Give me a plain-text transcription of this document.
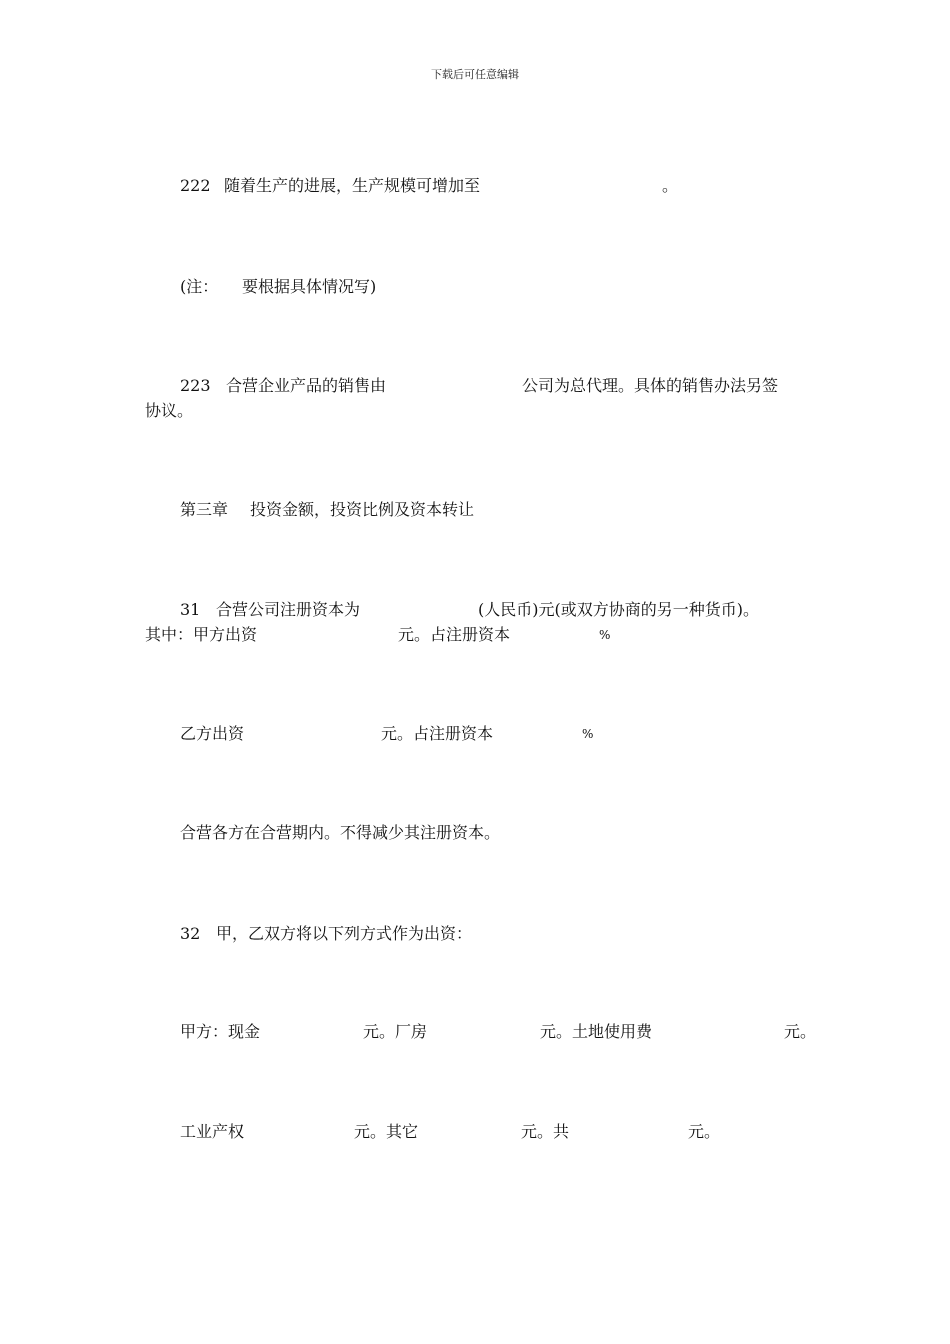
下载后可任意编辑
222 随着生产的进展，生产规模可增加至	。
(注： 要根据具体情况写)
223 合营企业产品的销售由	公司为总代理。具体的销售办法另签
协议。
第三章 投资金额，投资比例及资本转让
31 合营公司注册资本为	(人民币)元(或双方协商的另一种货币)。
其中：甲方出资	元。占注册资本	%
乙方出资	元。占注册资本	%
合营各方在合营期内。不得减少其注册资本。
32 甲，乙双方将以下列方式作为出资：
甲方：现金	元。厂房	元。土地使用费	元。
工业产权	元。其它	元。共	元。
